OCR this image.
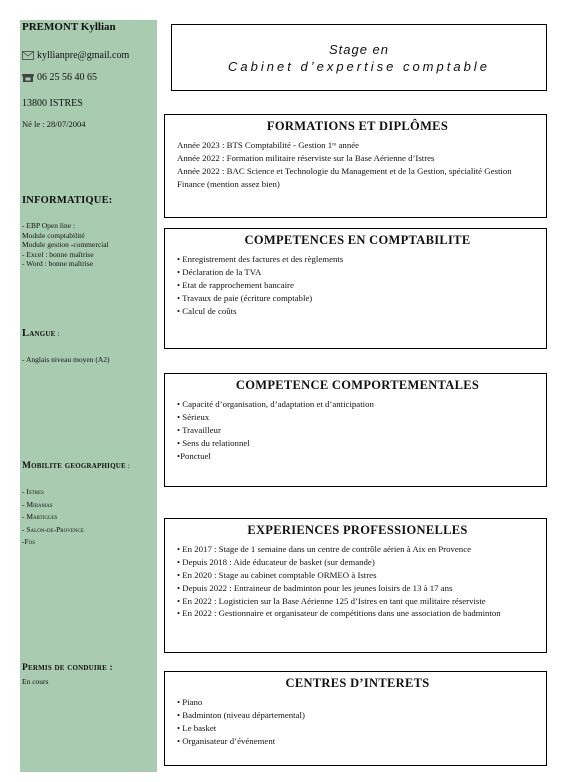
PREMONT Kyllian
kyllianpre@gmail.com
06 25 56 40 65
13800 ISTRES
Né le : 28/07/2004
INFORMATIQUE:
- EBP Open line :
Module comptabilité
Module gestion -commercial
- Excel : bonne maîtrise
- Word : bonne maîtrise
Langue :
- Anglais niveau moyen (A2)
Mobilite geographique :
- Istres
- Miramas
- Martigues
- Salon-de-Provence
-Fos
Permis de conduire :
En cours
Stage en
Cabinet d’expertise comptable
FORMATIONS ET DIPLÔMES
Année 2023 : BTS Comptabilité - Gestion 1ʳᵉ année
Année 2022 : Formation militaire réserviste sur la Base Aérienne d’Istres
Année 2022 : BAC Science et Technologie du Management et de la Gestion, spécialité Gestion Finance (mention assez bien)
COMPETENCES EN COMPTABILITE
• Enregistrement des factures et des règlements
• Déclaration de la TVA
• Etat de rapprochement bancaire
• Travaux de paie (écriture comptable)
• Calcul de coûts
COMPETENCE COMPORTEMENTALES
• Capacité d’organisation, d’adaptation et d’anticipation
• Sérieux
• Travailleur
• Sens du relationnel
•Ponctuel
EXPERIENCES PROFESSIONELLES
• En 2017 : Stage de 1 semaine dans un centre de contrôle aérien à Aix en Provence
• Depuis 2018 : Aide éducateur de basket (sur demande)
• En 2020 : Stage au cabinet comptable ORMEO à Istres
• Depuis 2022 : Entraineur de badminton pour les jeunes loisirs de 13 à 17 ans
• En 2022 : Logisticien sur la Base Aérienne 125 d’Istres en tant que militaire réserviste
• En 2022 : Gestionnaire et organisateur de compétitions dans une association de badminton
CENTRES D’INTERETS
• Piano
• Badminton (niveau départemental)
• Le basket
• Organisateur d’événement
